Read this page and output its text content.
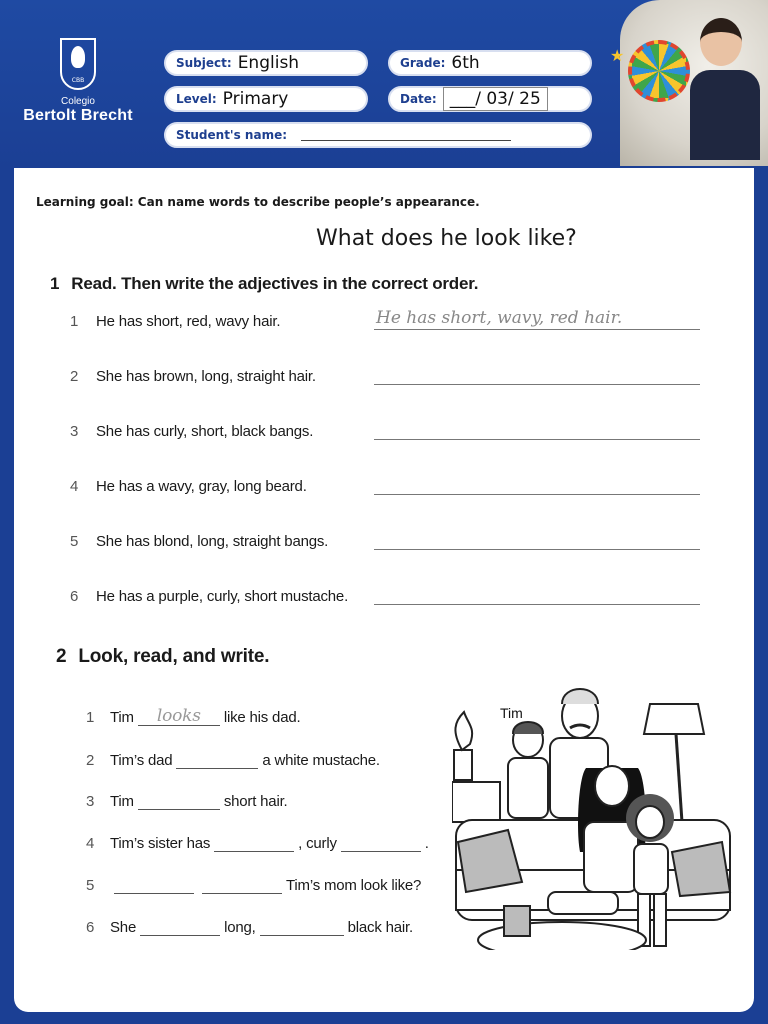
CBB
Colegio
Bertolt Brecht
Subject: English	Grade: 6th
Level: Primary	Date: ___/ 03/ 25
Student's name:
★
Learning goal: Can name words to describe people’s appearance.
What does he look like?
1 Read. Then write the adjectives in the correct order.
1	He has short, red, wavy hair.	He has short, wavy, red hair.
2	She has brown, long, straight hair.
3	She has curly, short, black bangs.
4	He has a wavy, gray, long beard.
5	She has blond, long, straight bangs.
6	He has a purple, curly, short mustache.
2 Look, read, and write.
1	Tim	looks	like his dad.
2	Tim’s dad	a white mustache.
3	Tim	short hair.
4	Tim’s sister has	, curly	.
5	Tim’s mom look like?
6	She	long,	black hair.
Tim
